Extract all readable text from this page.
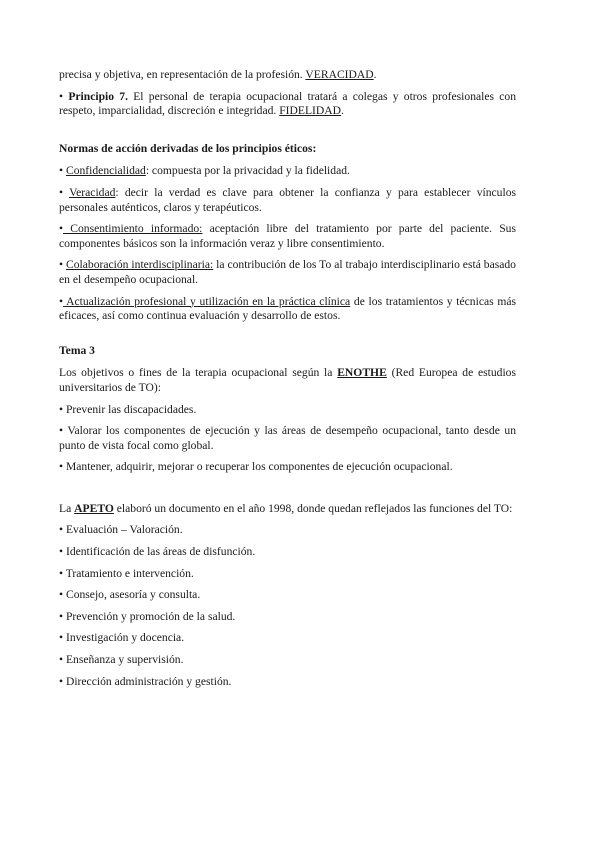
precisa y objetiva, en representación de la profesión. VERACIDAD.

• Principio 7. El personal de terapia ocupacional tratará a colegas y otros profesionales con respeto, imparcialidad, discreción e integridad. FIDELIDAD.

Normas de acción derivadas de los principios éticos:

• Confidencialidad: compuesta por la privacidad y la fidelidad.

• Veracidad: decir la verdad es clave para obtener la confianza y para establecer vínculos personales auténticos, claros y terapéuticos.

• Consentimiento informado: aceptación libre del tratamiento por parte del paciente. Sus componentes básicos son la información veraz y libre consentimiento.

• Colaboración interdisciplinaria: la contribución de los To al trabajo interdisciplinario está basado en el desempeño ocupacional.

• Actualización profesional y utilización en la práctica clínica de los tratamientos y técnicas más eficaces, así como continua evaluación y desarrollo de estos.

Tema 3

Los objetivos o fines de la terapia ocupacional según la ENOTHE (Red Europea de estudios universitarios de TO):

• Prevenir las discapacidades.

• Valorar los componentes de ejecución y las áreas de desempeño ocupacional, tanto desde un punto de vista focal como global.

• Mantener, adquirir, mejorar o recuperar los componentes de ejecución ocupacional.

La APETO elaboró un documento en el año 1998, donde quedan reflejados las funciones del TO:

• Evaluación – Valoración.

• Identificación de las áreas de disfunción.

• Tratamiento e intervención.

• Consejo, asesoría y consulta.

• Prevención y promoción de la salud.

• Investigación y docencia.

• Enseñanza y supervisión.

• Dirección administración y gestión.
